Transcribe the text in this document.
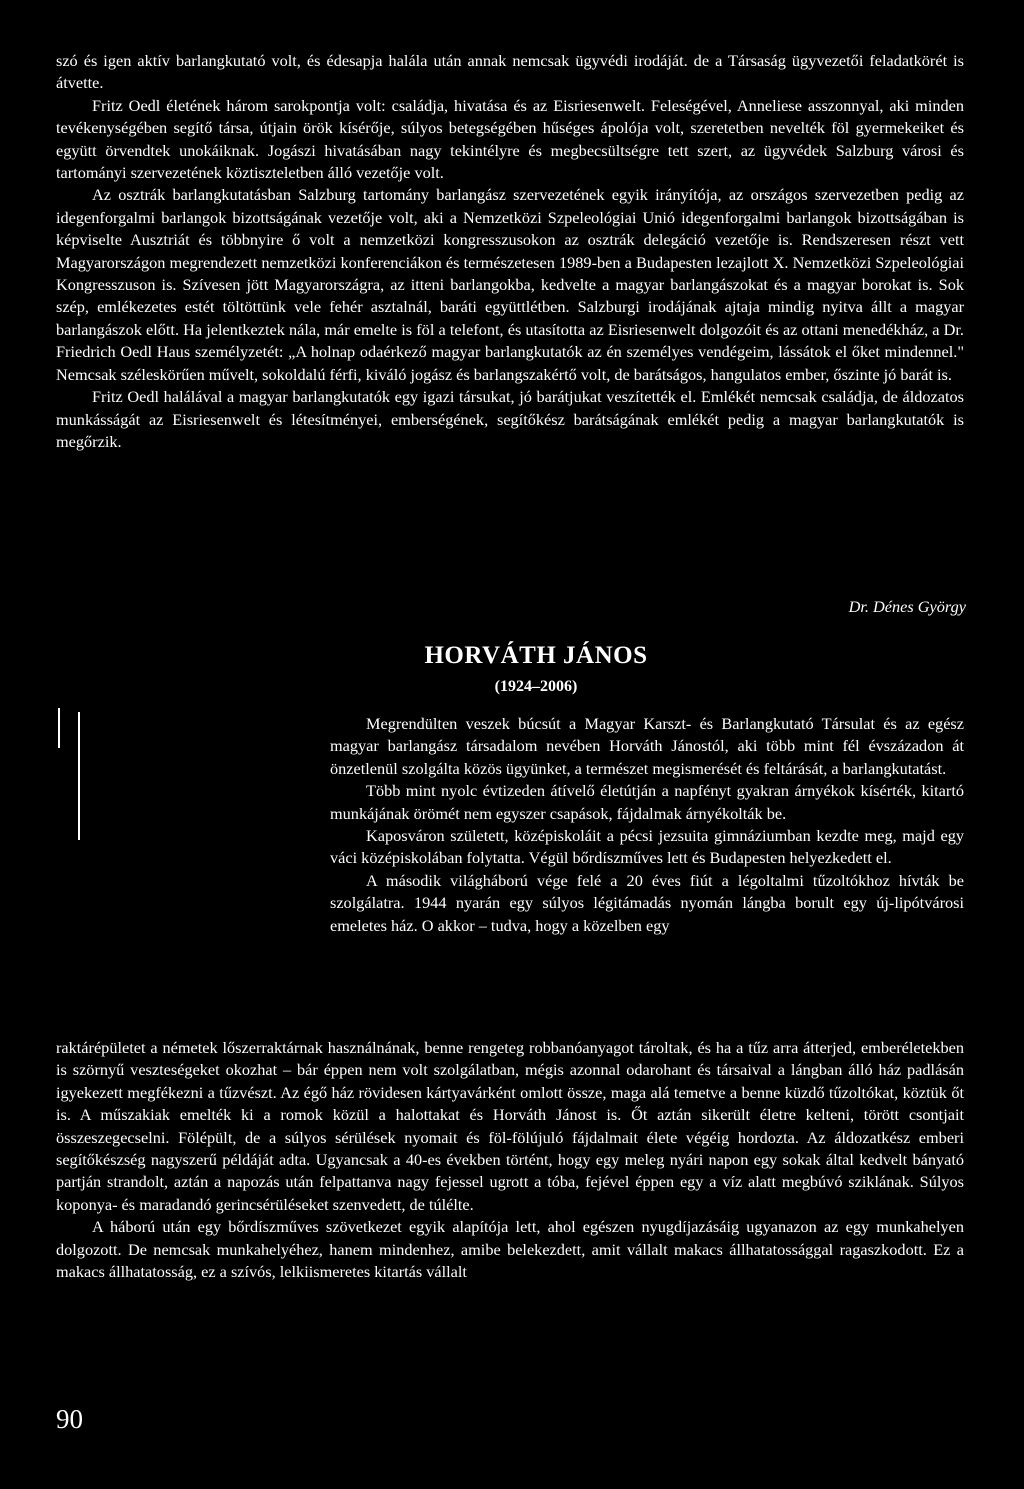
szó és igen aktív barlangkutató volt, és édesapja halála után annak nemcsak ügyvédi irodáját. de a Társaság ügyvezetői feladatkörét is átvette.

Fritz Oedl életének három sarokpontja volt: családja, hivatása és az Eisriesenwelt. Feleségével, Anneliese asszonnyal, aki minden tevékenységében segítő társa, útjain örök kísérője, súlyos betegségében hűséges ápolója volt, szeretetben nevelték föl gyermekeiket és együtt örvendtek unokáiknak. Jogászi hivatásában nagy tekintélyre és megbecsültségre tett szert, az ügyvédek Salzburg városi és tartományi szervezetének köztiszteletben álló vezetője volt.

Az osztrák barlangkutatásban Salzburg tartomány barlangász szervezetének egyik irányítója, az országos szervezetben pedig az idegenforgalmi barlangok bizottságának vezetője volt, aki a Nemzetközi Szpeleológiai Unió idegenforgalmi barlangok bizottságában is képviselte Ausztriát és többnyire ő volt a nemzetközi kongresszusokon az osztrák delegáció vezetője is. Rendszeresen részt vett Magyarországon megrendezett nemzetközi konferenciákon és természetesen 1989-ben a Budapesten lezajlott X. Nemzetközi Szpeleológiai Kongresszuson is. Szívesen jött Magyarországra, az itteni barlangokba, kedvelte a magyar barlangászokat és a magyar borokat is. Sok szép, emlékezetes estét töltöttünk vele fehér asztalnál, baráti együttlétben. Salzburgi irodájának ajtaja mindig nyitva állt a magyar barlangászok előtt. Ha jelentkeztek nála, már emelte is föl a telefont, és utasította az Eisriesenwelt dolgozóit és az ottani menedékház, a Dr. Friedrich Oedl Haus személyzetét: „A holnap odaérkező magyar barlangkutatók az én személyes vendégeim, lássátok el őket mindennel." Nemcsak széleskörűen művelt, sokoldalú férfi, kiváló jogász és barlangszakértő volt, de barátságos, hangulatos ember, őszinte jó barát is.

Fritz Oedl halálával a magyar barlangkutatók egy igazi társukat, jó barátjukat veszítették el. Emlékét nemcsak családja, de áldozatos munkásságát az Eisriesenwelt és létesítményei, emberségének, segítőkész barátságának emlékét pedig a magyar barlangkutatók is megőrzik.

Dr. Dénes György
HORVÁTH JÁNOS
(1924–2006)

Megrendülten veszek búcsút a Magyar Karszt- és Barlangkutató Társulat és az egész magyar barlangász társadalom nevében Horváth Jánostól, aki több mint fél évszázadon át önzetlenül szolgálta közös ügyünket, a természet megismerését és feltárását, a barlangkutatást.

Több mint nyolc évtizeden átívelő életútján a napfényt gyakran árnyékok kísérték, kitartó munkájának örömét nem egyszer csapások, fájdalmak árnyékolták be.

Kaposváron született, középiskoláit a pécsi jezsuita gimnáziumban kezdte meg, majd egy váci középiskolában folytatta. Végül bőrdíszműves lett és Budapesten helyezkedett el.

A második világháború vége felé a 20 éves fiút a légoltalmi tűzoltókhoz hívták be szolgálatra. 1944 nyarán egy súlyos légitámadás nyomán lángba borult egy új-lipótvárosi emeletes ház. O akkor – tudva, hogy a közelben egy

raktárépületet a németek lőszerraktárnak használnának, benne rengeteg robbanóanyagot tároltak, és ha a tűz arra átterjed, emberéletekben is szörnyű veszteségeket okozhat – bár éppen nem volt szolgálatban, mégis azonnal odarohant és társaival a lángban álló ház padlásán igyekezett megfékezni a tűzvészt. Az égő ház rövidesen kártyavárként omlott össze, maga alá temetve a benne küzdő tűzoltókat, köztük őt is. A műszakiak emelték ki a romok közül a halottakat és Horváth Jánost is. Őt aztán sikerült életre kelteni, törött csontjait összeszegecselni. Fölépült, de a súlyos sérülések nyomait és föl-fölújuló fájdalmait élete végéig hordozta. Az áldozatkész emberi segítőkészség nagyszerű példáját adta. Ugyancsak a 40-es években történt, hogy egy meleg nyári napon egy sokak által kedvelt bányató partján strandolt, aztán a napozás után felpattanva nagy fejessel ugrott a tóba, fejével éppen egy a víz alatt megbúvó sziklának. Súlyos koponya- és maradandó gerincsérüléseket szenvedett, de túlélte.

A háború után egy bőrdíszműves szövetkezet egyik alapítója lett, ahol egészen nyugdíjazásáig ugyanazon az egy munkahelyen dolgozott. De nemcsak munkahelyéhez, hanem mindenhez, amibe belekezdett, amit vállalt makacs állhatatossággal ragaszkodott. Ez a makacs állhatatosság, ez a szívós, lelkiismeretes kitartás vállalt

90
